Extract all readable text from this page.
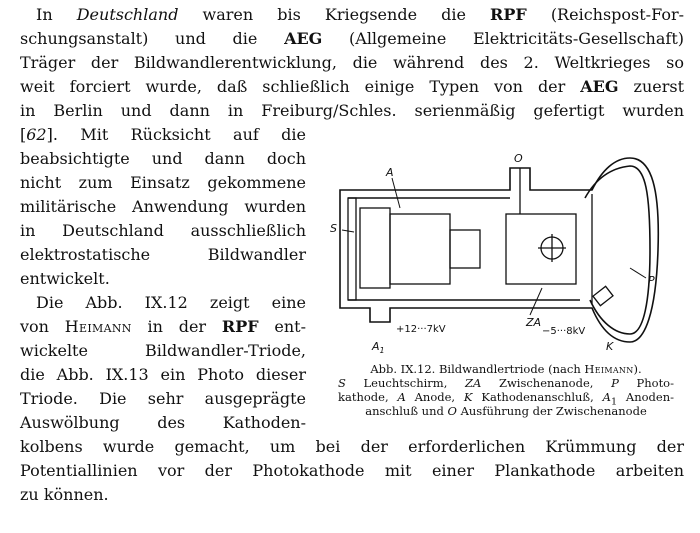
In Deutschland waren bis Kriegsende die RPF (Reichspost-For-
schungsanstalt) und die AEG (Allgemeine Elektricitäts-Gesellschaft)
Träger der Bildwandlerentwicklung, die während des 2. Weltkrieges so
weit forciert wurde, daß schließlich einige Typen von der AEG zuerst
in Berlin und dann in Freiburg/Schles. serienmäßig gefertigt wurden
[62]. Mit Rücksicht auf die
beabsichtigte und dann doch
nicht zum Einsatz gekommene
militärische Anwendung wurden
in Deutschland ausschließlich
elektrostatische Bildwandler
entwickelt.
Die Abb. IX.12 zeigt eine
von Heimann in der RPF ent-
wickelte Bildwandler-Triode,
die Abb. IX.13 ein Photo dieser
Triode. Die sehr ausgeprägte
Auswölbung des Kathoden-
kolbens wurde gemacht, um bei der erforderlichen Krümmung der
Potentiallinien vor der Photokathode mit einer Plankathode arbeiten
zu können.
O
A
S
ZA
P
$A_1$	K
+12···7kV	−5···8kV
Abb. IX.12. Bildwandlertriode (nach Heimann).
S Leuchtschirm, ZA Zwischenanode, P Photo-
kathode, A Anode, K Kathodenanschluß, $A_1$ Anoden-
anschluß und O Ausführung der Zwischenanode
